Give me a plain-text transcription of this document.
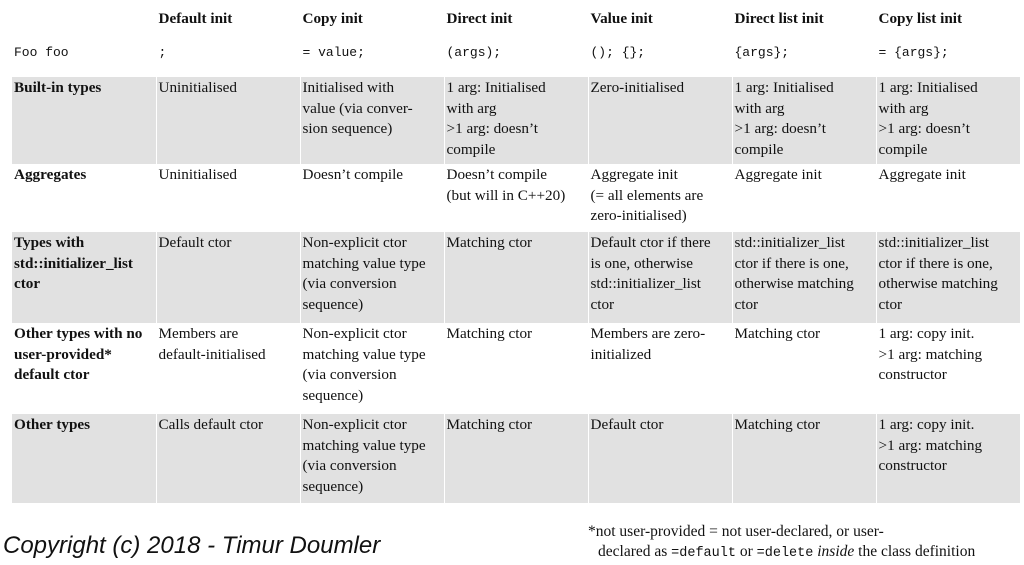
	Default init	Copy init	Direct init	Value init	Direct list init	Copy list init
Foo foo	;	= value;	(args);	(); {};	{args};	= {args};

Built-in types	Uninitialised	Initialised with
value (via conver-
sion sequence)	1 arg: Initialised
with arg
>1 arg: doesn’t
compile	Zero-initialised	1 arg: Initialised
with arg
>1 arg: doesn’t
compile	1 arg: Initialised
with arg
>1 arg: doesn’t
compile

Aggregates	Uninitialised	Doesn’t compile	Doesn’t compile
(but will in C++20)	Aggregate init
(= all elements are
zero-initialised)	Aggregate init	Aggregate init

Types with
std::initializer_list
ctor	Default ctor	Non-explicit ctor
matching value type
(via conversion
sequence)	Matching ctor	Default ctor if there
is one, otherwise
std::initializer_list
ctor	std::initializer_list
ctor if there is one,
otherwise matching
ctor	std::initializer_list
ctor if there is one,
otherwise matching
ctor

Other types with no
user-provided*
default ctor	Members are
default-initialised	Non-explicit ctor
matching value type
(via conversion
sequence)	Matching ctor	Members are zero-
initialized	Matching ctor	1 arg: copy init.
>1 arg: matching
constructor

Other types	Calls default ctor	Non-explicit ctor
matching value type
(via conversion
sequence)	Matching ctor	Default ctor	Matching ctor	1 arg: copy init.
>1 arg: matching
constructor
Copyright (c) 2018 - Timur Doumler
*not user-provided = not user-declared, or user-
declared as =default or =delete inside the class definition
